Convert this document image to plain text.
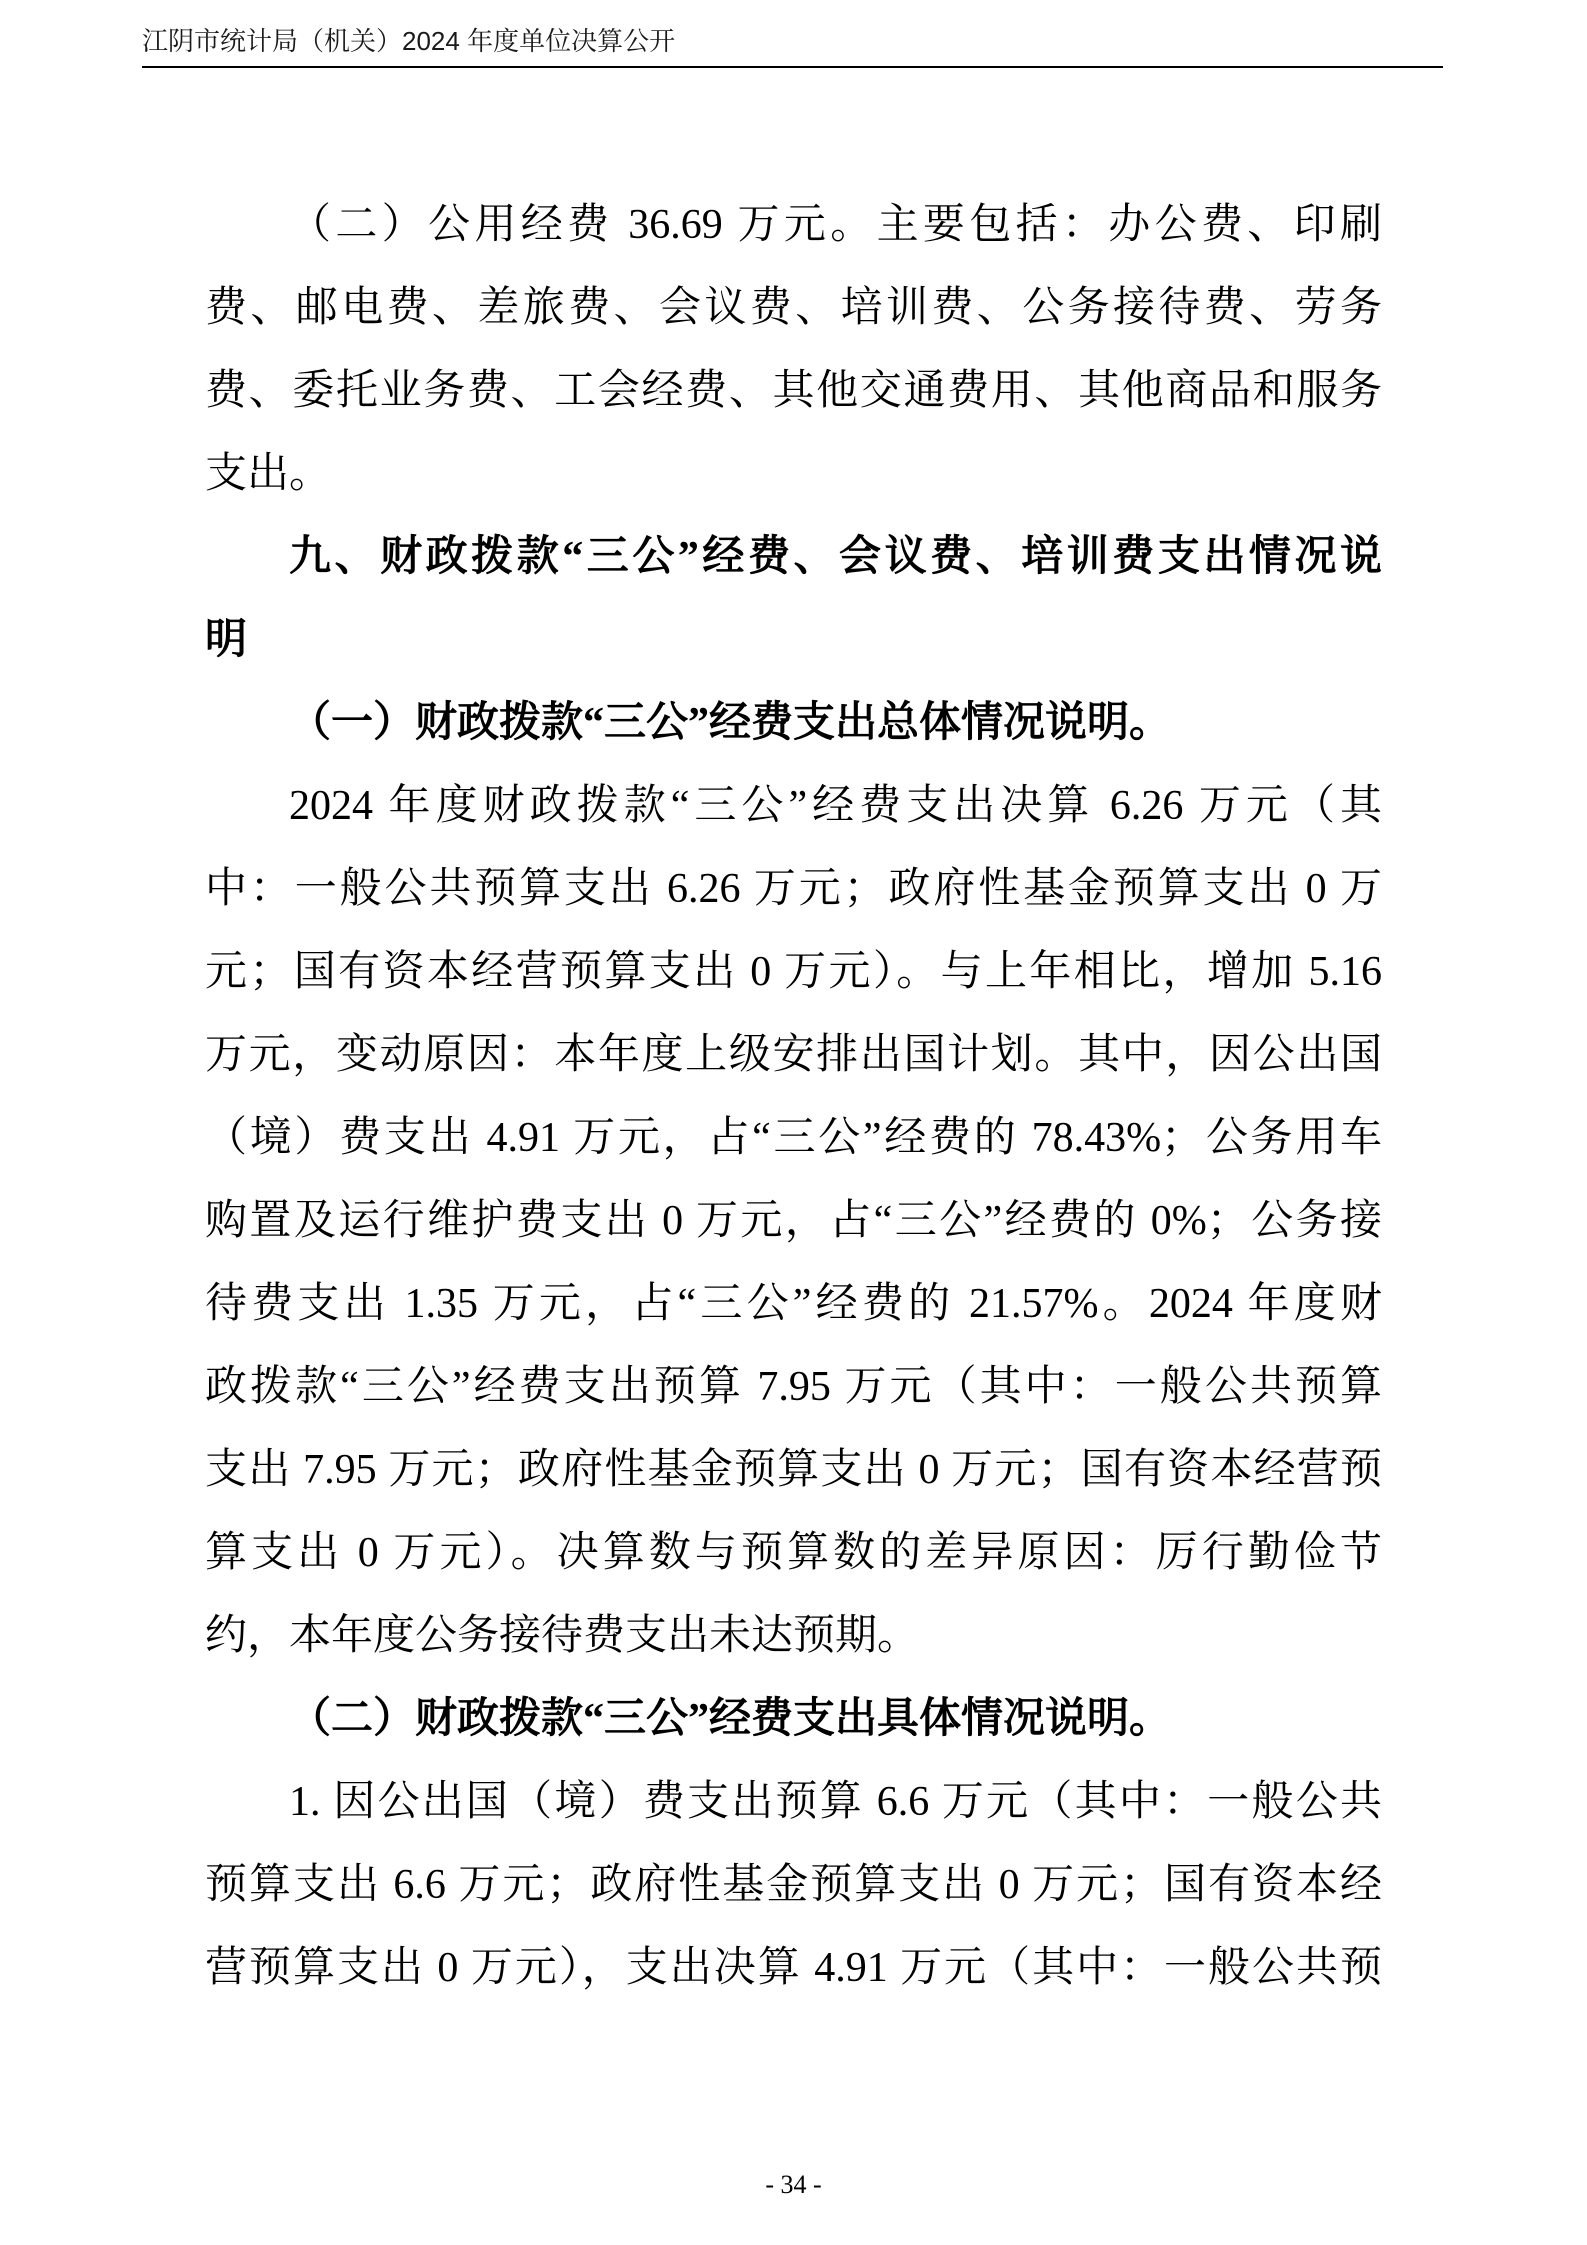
江阴市统计局（机关）2024 年度单位决算公开
（二）公用经费 36.69 万元。主要包括：办公费、印刷
费、邮电费、差旅费、会议费、培训费、公务接待费、劳务
费、委托业务费、工会经费、其他交通费用、其他商品和服务
支出。
九、财政拨款“三公”经费、会议费、培训费支出情况说
明
（一）财政拨款“三公”经费支出总体情况说明。
2024 年度财政拨款“三公”经费支出决算 6.26 万元（其
中：一般公共预算支出 6.26 万元；政府性基金预算支出 0 万
元；国有资本经营预算支出 0 万元）。与上年相比，增加 5.16
万元，变动原因：本年度上级安排出国计划。其中，因公出国
（境）费支出 4.91 万元，占“三公”经费的 78.43%；公务用车
购置及运行维护费支出 0 万元，占“三公”经费的 0%；公务接
待费支出 1.35 万元，占“三公”经费的 21.57%。2024 年度财
政拨款“三公”经费支出预算 7.95 万元（其中：一般公共预算
支出 7.95 万元；政府性基金预算支出 0 万元；国有资本经营预
算支出 0 万元）。决算数与预算数的差异原因：厉行勤俭节
约，本年度公务接待费支出未达预期。
（二）财政拨款“三公”经费支出具体情况说明。
1. 因公出国（境）费支出预算 6.6 万元（其中：一般公共
预算支出 6.6 万元；政府性基金预算支出 0 万元；国有资本经
营预算支出 0 万元），支出决算 4.91 万元（其中：一般公共预
- 34 -
